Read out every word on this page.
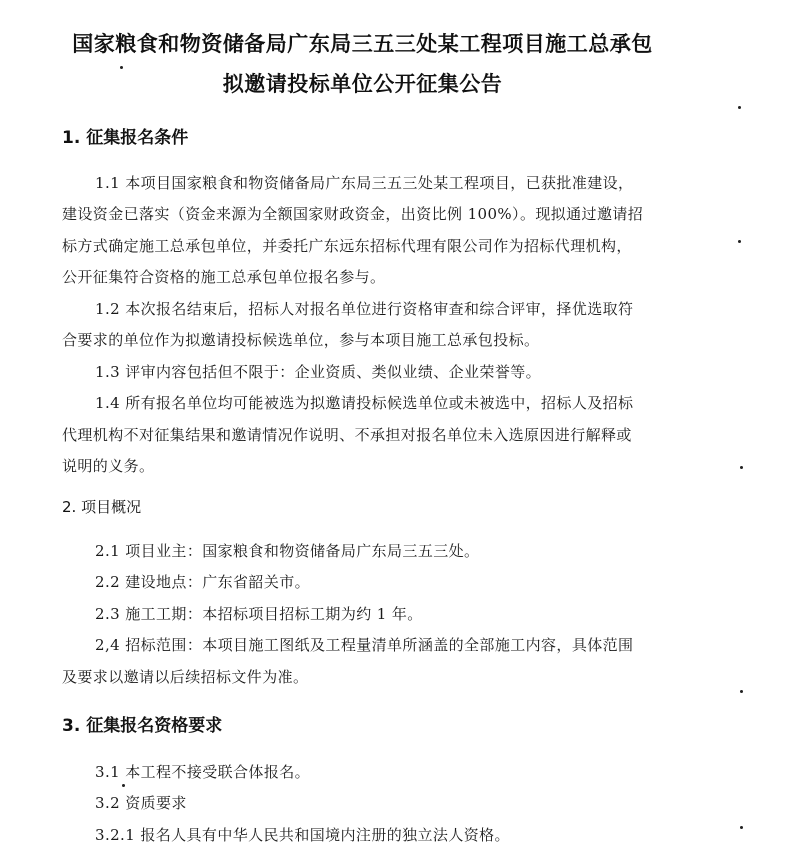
国家粮食和物资储备局广东局三五三处某工程项目施工总承包
拟邀请投标单位公开征集公告
1. 征集报名条件
1.1 本项目国家粮食和物资储备局广东局三五三处某工程项目，已获批准建设，
建设资金已落实（资金来源为全额国家财政资金，出资比例 100%）。现拟通过邀请招
标方式确定施工总承包单位，并委托广东远东招标代理有限公司作为招标代理机构，
公开征集符合资格的施工总承包单位报名参与。
1.2 本次报名结束后，招标人对报名单位进行资格审查和综合评审，择优选取符
合要求的单位作为拟邀请投标候选单位，参与本项目施工总承包投标。
1.3 评审内容包括但不限于：企业资质、类似业绩、企业荣誉等。
1.4 所有报名单位均可能被选为拟邀请投标候选单位或未被选中，招标人及招标
代理机构不对征集结果和邀请情况作说明、不承担对报名单位未入选原因进行解释或
说明的义务。
2. 项目概况
2.1 项目业主：国家粮食和物资储备局广东局三五三处。
2.2 建设地点：广东省韶关市。
2.3 施工工期：本招标项目招标工期为约 1 年。
2,4 招标范围：本项目施工图纸及工程量清单所涵盖的全部施工内容，具体范围
及要求以邀请以后续招标文件为准。
3. 征集报名资格要求
3.1 本工程不接受联合体报名。
3.2 资质要求
3.2.1 报名人具有中华人民共和国境内注册的独立法人资格。
